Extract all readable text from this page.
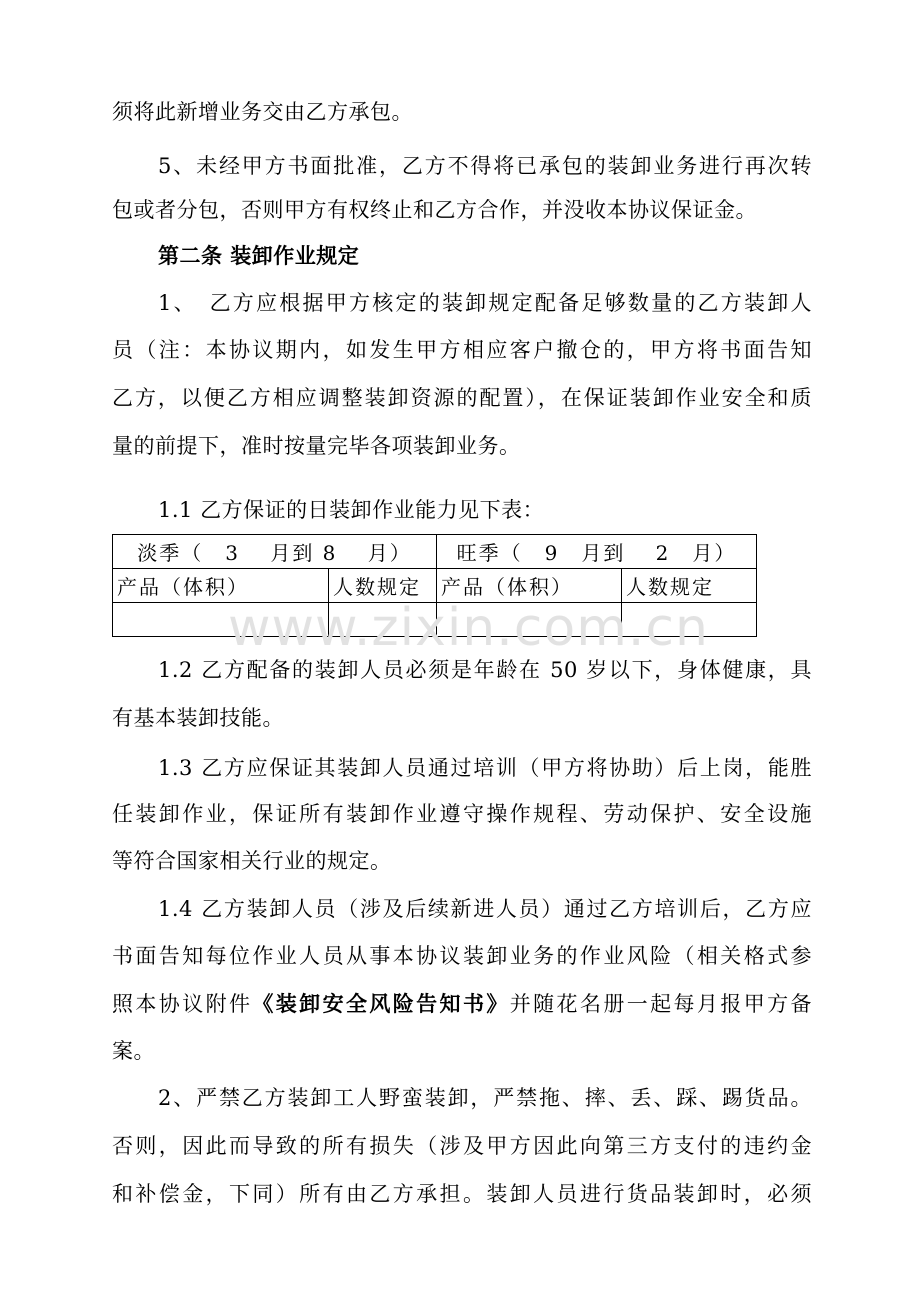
须将此新增业务交由乙方承包。
5、未经甲方书面批准，乙方不得将已承包的装卸业务进行再次转
包或者分包，否则甲方有权终止和乙方合作，并没收本协议保证金。
第二条 装卸作业规定
1、　乙方应根据甲方核定的装卸规定配备足够数量的乙方装卸人
员（注：本协议期内，如发生甲方相应客户撤仓的，甲方将书面告知
乙方，以便乙方相应调整装卸资源的配置），在保证装卸作业安全和质
量的前提下，准时按量完毕各项装卸业务。
1.1 乙方保证的日装卸作业能力见下表：
淡季（　3　 月到 8　 月）		旺季（　9　月到　 2　月）	
产品（体积）	人数规定	产品（体积）	人数规定

www.zixin.com.cn
1.2 乙方配备的装卸人员必须是年龄在 50 岁以下，身体健康，具
有基本装卸技能。
1.3 乙方应保证其装卸人员通过培训（甲方将协助）后上岗，能胜
任装卸作业，保证所有装卸作业遵守操作规程、劳动保护、安全设施
等符合国家相关行业的规定。
1.4 乙方装卸人员（涉及后续新进人员）通过乙方培训后，乙方应
书面告知每位作业人员从事本协议装卸业务的作业风险（相关格式参
照本协议附件《装卸安全风险告知书》并随花名册一起每月报甲方备
案。
2、严禁乙方装卸工人野蛮装卸，严禁拖、摔、丢、踩、踢货品。
否则，因此而导致的所有损失（涉及甲方因此向第三方支付的违约金
和补偿金，下同）所有由乙方承担。装卸人员进行货品装卸时，必须
